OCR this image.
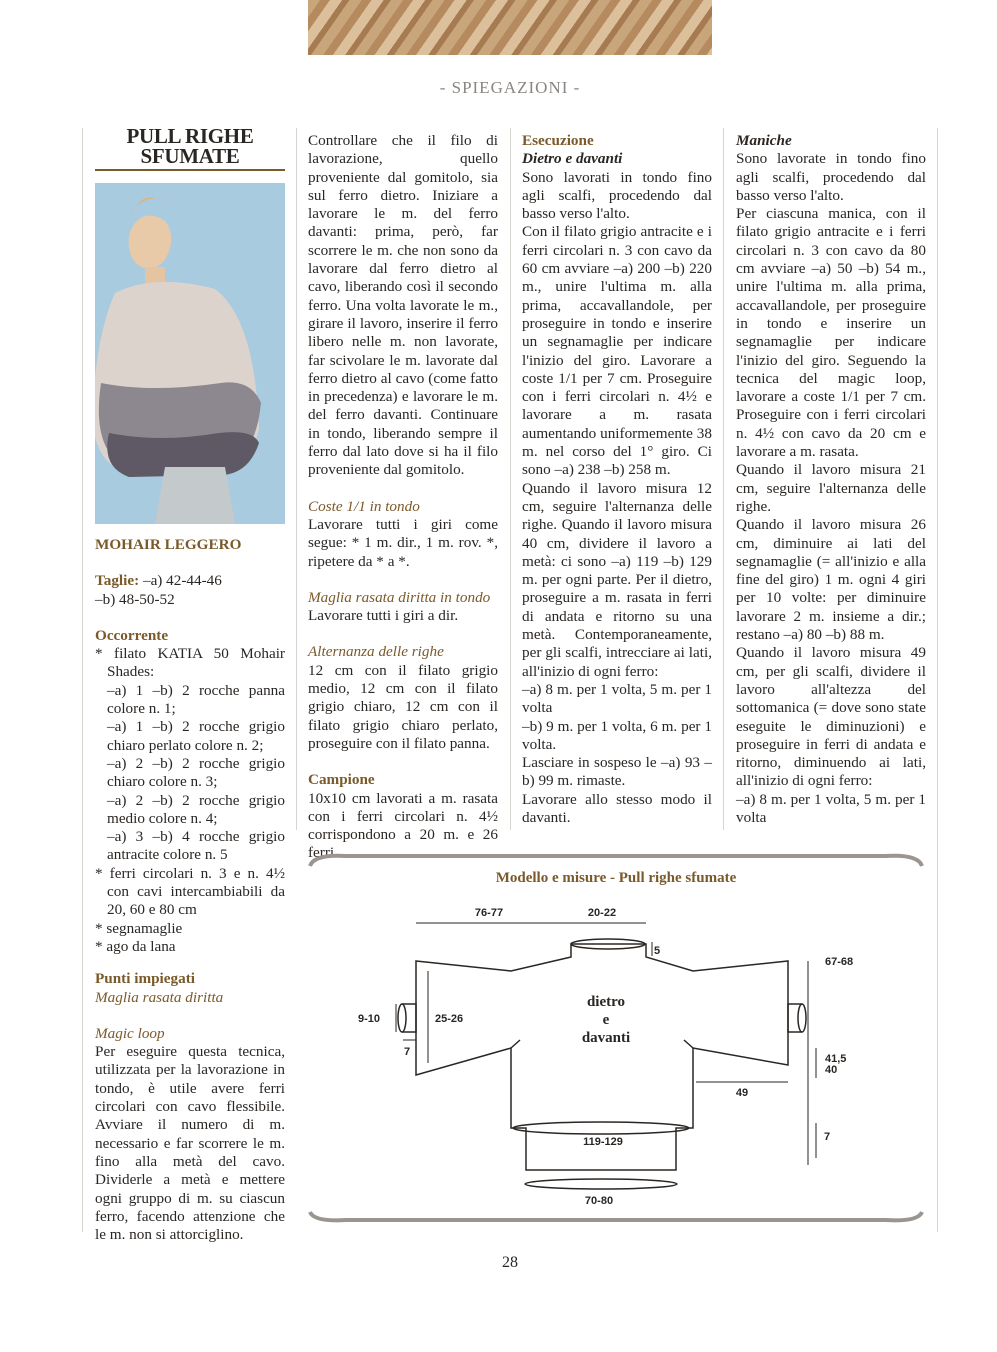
- SPIEGAZIONI -
PULL RIGHE
SFUMATE

MOHAIR LEGGERO

Taglie: –a) 42-44-46

–b) 48-50-52

Occorrente

* filato KATIA 50 Mohair Shades:

–a) 1 –b) 2 rocche panna colore n. 1;

–a) 1 –b) 2 rocche grigio chiaro perlato colore n. 2;

–a) 2 –b) 2 rocche grigio chiaro colore n. 3;

–a) 2 –b) 2 rocche grigio medio colore n. 4;

–a) 3 –b) 4 rocche grigio antracite colore n. 5

* ferri circolari n. 3 e n. 4½ con cavi intercambiabili da 20, 60 e 80 cm

* segnamaglie

* ago da lana

Punti impiegati

Maglia rasata diritta

Magic loop

Per eseguire questa tecnica, utilizzata per la lavorazione in tondo, è utile avere ferri circolari con cavo flessibile. Avviare il numero di m. necessario e far scorrere le m. fino alla metà del cavo. Dividerle a metà e mettere ogni gruppo di m. su ciascun ferro, facendo attenzione che le m. non si attorciglino.

Controllare che il filo di lavorazione, quello proveniente dal gomitolo, sia sul ferro dietro. Iniziare a lavorare le m. del ferro davanti: prima, però, far scorrere le m. che non sono da lavorare dal ferro dietro al cavo, liberando così il secondo ferro. Una volta lavorate le m., girare il lavoro, inserire il ferro libero nelle m. non lavorate, far scivolare le m. lavorate dal ferro dietro al cavo (come fatto in precedenza) e lavorare le m. del ferro davanti. Continuare in tondo, liberando sempre il ferro dal lato dove si ha il filo proveniente dal gomitolo.

Coste 1/1 in tondo

Lavorare tutti i giri come segue: * 1 m. dir., 1 m. rov. *, ripetere da * a *.

Maglia rasata diritta in tondo

Lavorare tutti i giri a dir.

Alternanza delle righe

12 cm con il filato grigio medio, 12 cm con il filato grigio chiaro, 12 cm con il filato grigio chiaro perlato, proseguire con il filato panna.

Campione

10x10 cm lavorati a m. rasata con i ferri circolari n. 4½ corrispondono a 20 m. e 26 ferri.

Esecuzione

Dietro e davanti

Sono lavorati in tondo fino agli scalfi, procedendo dal basso verso l'alto.

Con il filato grigio antracite e i ferri circolari n. 3 con cavo da 60 cm avviare –a) 200 –b) 220 m., unire l'ultima m. alla prima, accavallandole, per proseguire in tondo e inserire un segnamaglie per indicare l'inizio del giro. Lavorare a coste 1/1 per 7 cm. Proseguire con i ferri circolari n. 4½ e lavorare a m. rasata aumentando uniformemente 38 m. nel corso del 1° giro. Ci sono –a) 238 –b) 258 m.

Quando il lavoro misura 12 cm, seguire l'alternanza delle righe. Quando il lavoro misura 40 cm, dividere il lavoro a metà: ci sono –a) 119 –b) 129 m. per ogni parte. Per il dietro, proseguire a m. rasata in ferri di andata e ritorno su una metà. Contemporaneamente, per gli scalfi, intrecciare ai lati, all'inizio di ogni ferro:

–a) 8 m. per 1 volta, 5 m. per 1 volta

–b) 9 m. per 1 volta, 6 m. per 1 volta.

Lasciare in sospeso le –a) 93 –b) 99 m. rimaste.

Lavorare allo stesso modo il davanti.

Maniche

Sono lavorate in tondo fino agli scalfi, procedendo dal basso verso l'alto.

Per ciascuna manica, con il filato grigio antracite e i ferri circolari n. 3 con cavo da 80 cm avviare –a) 50 –b) 54 m., unire l'ultima m. alla prima, accavallandole, per proseguire in tondo e inserire un segnamaglie per indicare l'inizio del giro. Seguendo la tecnica del magic loop, lavorare a coste 1/1 per 7 cm. Proseguire con i ferri circolari n. 4½ con cavo da 20 cm e lavorare a m. rasata.

Quando il lavoro misura 21 cm, seguire l'alternanza delle righe.

Quando il lavoro misura 26 cm, diminuire ai lati del segnamaglie (= all'inizio e alla fine del giro) 1 m. ogni 4 giri per 10 volte: per diminuire lavorare 2 m. insieme a dir.; restano –a) 80 –b) 88 m.

Quando il lavoro misura 49 cm, per gli scalfi, dividere il lavoro all'altezza del sottomanica (= dove sono state eseguite le diminuzioni) e proseguire in ferri di andata e ritorno, diminuendo ai lati, all'inizio di ogni ferro:

–a) 8 m. per 1 volta, 5 m. per 1 volta

Modello e misure - Pull righe sfumate
76-77	20-22
5
67-68
9-10	25-26
7
41,5
40
49
7
119-129
70-80
dietro
e
davanti
28
